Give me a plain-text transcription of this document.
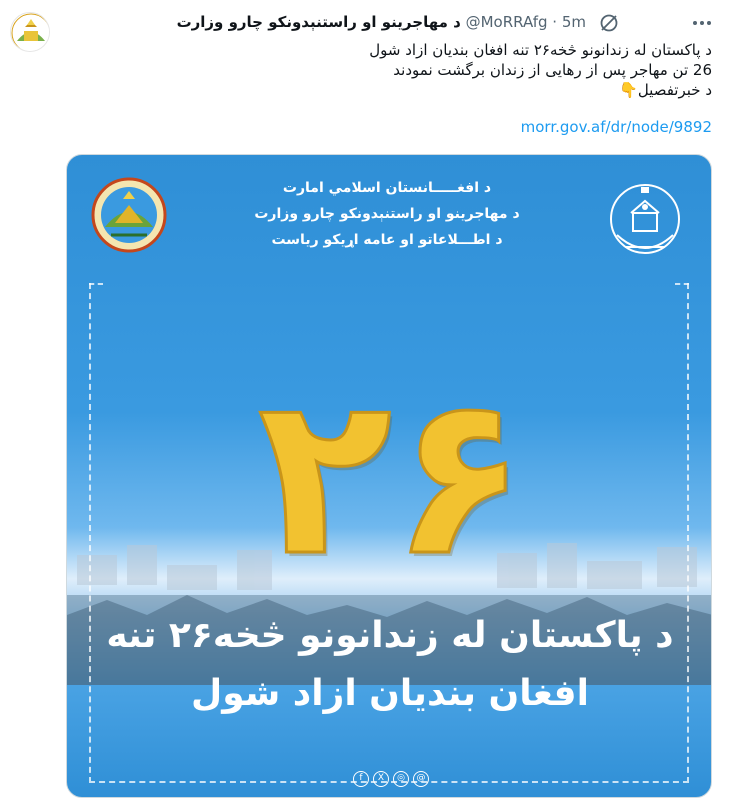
د مهاجرینو او راستنېدونکو چارو وزارت @MoRRAfg · 5m
د پاکستان له زندانونو څخه۲۶ تنه افغان بندیان ازاد شول
26 تن مهاجر پس از رهایی از زندان برگشت نمودند
د خبرتفصیل👇
morr.gov.af/dr/node/9892
د افغـــــانستان اسلامي امارت
د مهاجرینو او راستنېدونکو چارو وزارت
د اطـــلاعاتو او عامه اړیکو ریاست
۲۶
د پاکستان له زندانونو څخه۲۶ تنه
افغان بندیان ازاد شول
f	X	◎	@
